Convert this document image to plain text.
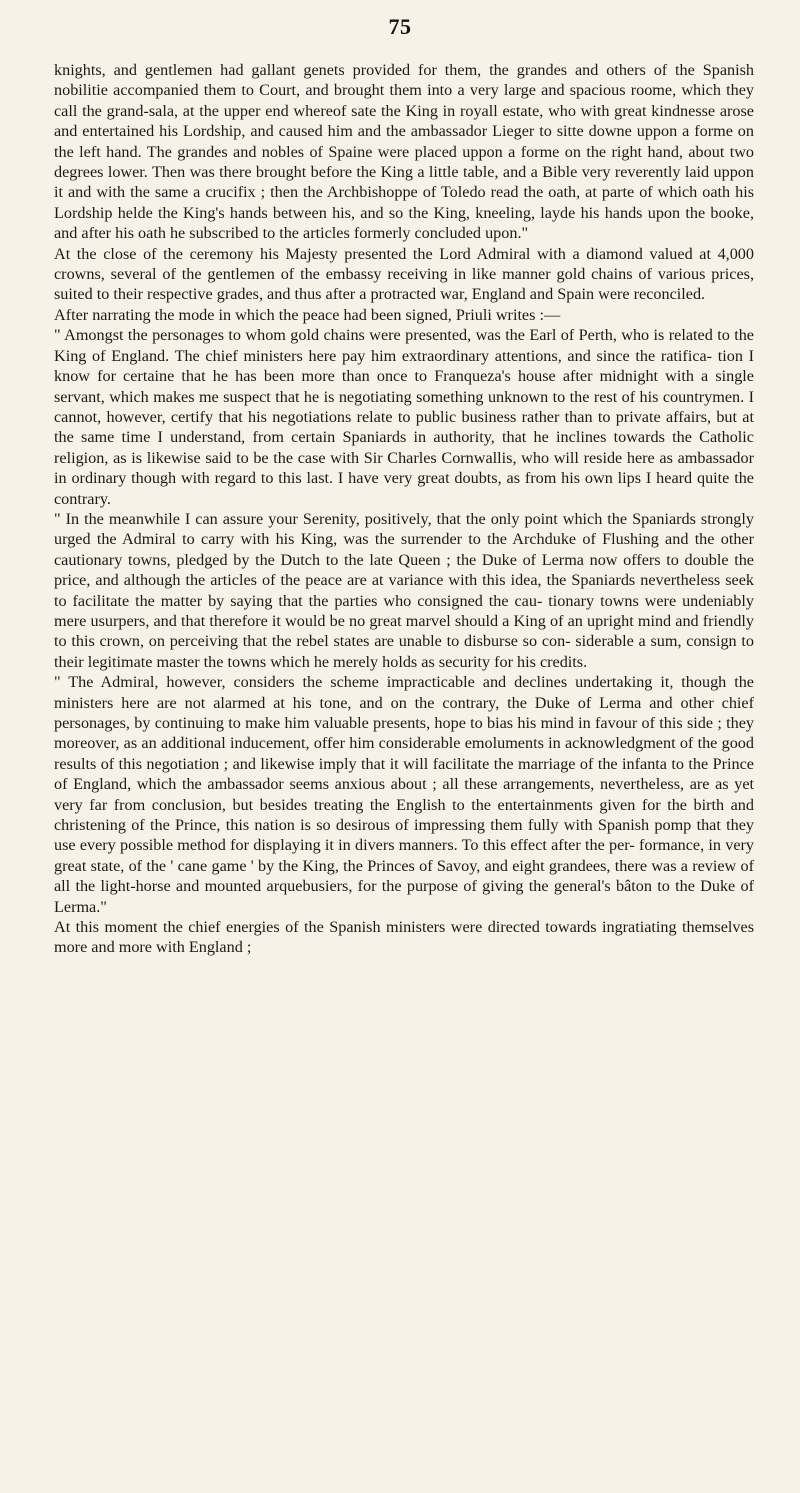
75

knights, and gentlemen had gallant genets provided for them, the grandes and others of the Spanish nobilitie accompanied them to Court, and brought them into a very large and spacious roome, which they call the grand-sala, at the upper end whereof sate the King in royall estate, who with great kindnesse arose and entertained his Lordship, and caused him and the ambassador Lieger to sitte downe uppon a forme on the left hand. The grandes and nobles of Spaine were placed uppon a forme on the right hand, about two degrees lower. Then was there brought before the King a little table, and a Bible very reverently laid uppon it and with the same a crucifix ; then the Archbishoppe of Toledo read the oath, at parte of which oath his Lordship helde the King's hands between his, and so the King, kneeling, layde his hands upon the booke, and after his oath he subscribed to the articles formerly concluded upon."

At the close of the ceremony his Majesty presented the Lord Admiral with a diamond valued at 4,000 crowns, several of the gentlemen of the embassy receiving in like manner gold chains of various prices, suited to their respective grades, and thus after a protracted war, England and Spain were reconciled.

After narrating the mode in which the peace had been signed, Priuli writes :—

" Amongst the personages to whom gold chains were presented, was the Earl of Perth, who is related to the King of England. The chief ministers here pay him extraordinary attentions, and since the ratifica- tion I know for certaine that he has been more than once to Franqueza's house after midnight with a single servant, which makes me suspect that he is negotiating something unknown to the rest of his countrymen. I cannot, however, certify that his negotiations relate to public business rather than to private affairs, but at the same time I understand, from certain Spaniards in authority, that he inclines towards the Catholic religion, as is likewise said to be the case with Sir Charles Cornwallis, who will reside here as ambassador in ordinary though with regard to this last. I have very great doubts, as from his own lips I heard quite the contrary.

" In the meanwhile I can assure your Serenity, positively, that the only point which the Spaniards strongly urged the Admiral to carry with his King, was the surrender to the Archduke of Flushing and the other cautionary towns, pledged by the Dutch to the late Queen ; the Duke of Lerma now offers to double the price, and although the articles of the peace are at variance with this idea, the Spaniards nevertheless seek to facilitate the matter by saying that the parties who consigned the cau- tionary towns were undeniably mere usurpers, and that therefore it would be no great marvel should a King of an upright mind and friendly to this crown, on perceiving that the rebel states are unable to disburse so con- siderable a sum, consign to their legitimate master the towns which he merely holds as security for his credits.

" The Admiral, however, considers the scheme impracticable and declines undertaking it, though the ministers here are not alarmed at his tone, and on the contrary, the Duke of Lerma and other chief personages, by continuing to make him valuable presents, hope to bias his mind in favour of this side ; they moreover, as an additional inducement, offer him considerable emoluments in acknowledgment of the good results of this negotiation ; and likewise imply that it will facilitate the marriage of the infanta to the Prince of England, which the ambassador seems anxious about ; all these arrangements, nevertheless, are as yet very far from conclusion, but besides treating the English to the entertainments given for the birth and christening of the Prince, this nation is so desirous of impressing them fully with Spanish pomp that they use every possible method for displaying it in divers manners. To this effect after the per- formance, in very great state, of the ' cane game ' by the King, the Princes of Savoy, and eight grandees, there was a review of all the light-horse and mounted arquebusiers, for the purpose of giving the general's bâton to the Duke of Lerma."

At this moment the chief energies of the Spanish ministers were directed towards ingratiating themselves more and more with England ;
